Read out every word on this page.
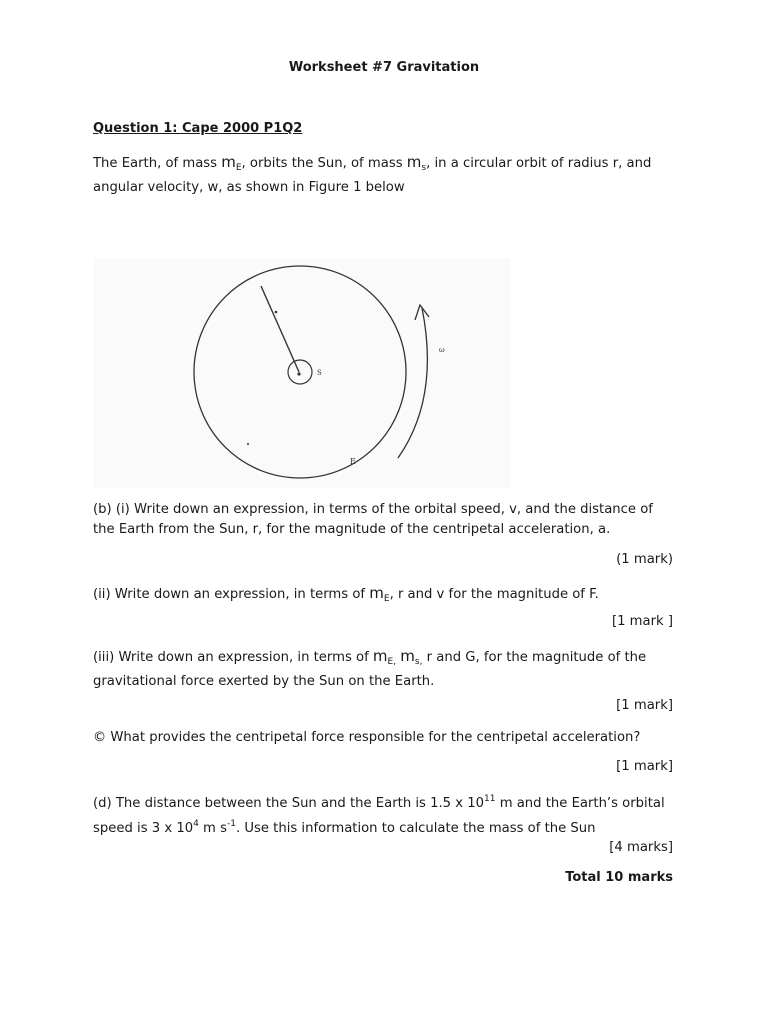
Worksheet #7 Gravitation
Question 1: Cape 2000 P1Q2
The Earth, of mass $m_E$, orbits the Sun, of mass $m_s$, in a circular orbit of radius r, and
angular velocity, w, as shown in Figure 1 below
S
E
ω
(b) (i) Write down an expression, in terms of the orbital speed, v, and the distance of the Earth from the Sun, r, for the magnitude of the centripetal acceleration, a.
(1 mark)
(ii) Write down an expression, in terms of $m_E$, r and v for the magnitude of F.
[1 mark ]
(iii) Write down an expression, in terms of $m_{E,}$ $m_{s,}$ r and G, for the magnitude of the gravitational force exerted by the Sun on the Earth.
[1 mark]
© What provides the centripetal force responsible for the centripetal acceleration?
[1 mark]
(d) The distance between the Sun and the Earth is 1.5 x $10^{11}$ m and the Earth’s orbital speed is 3 x $10^4$ m $s^{-1}$. Use this information to calculate the mass of the Sun
[4 marks]
Total 10 marks
